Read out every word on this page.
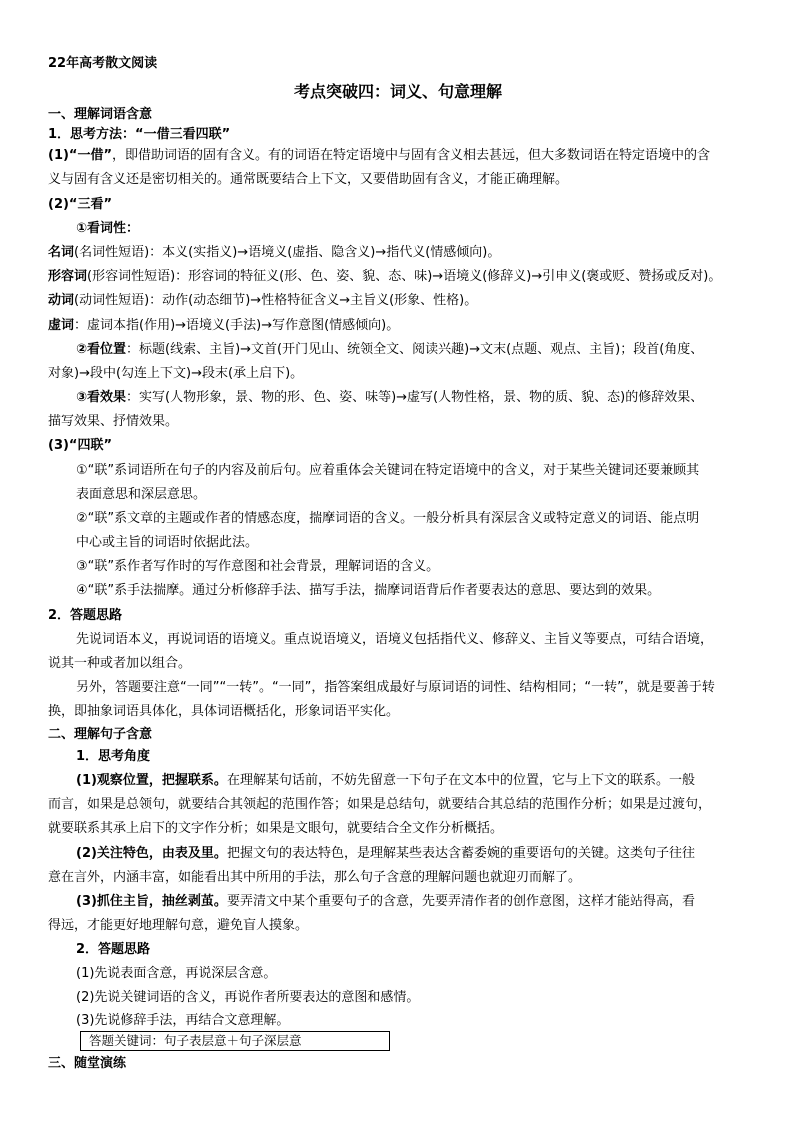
22年高考散文阅读
考点突破四：词义、句意理解
一、理解词语含意
1．思考方法：“一借三看四联”
(1)“一借”，即借助词语的固有含义。有的词语在特定语境中与固有含义相去甚远，但大多数词语在特定语境中的含
义与固有含义还是密切相关的。通常既要结合上下文，又要借助固有含义，才能正确理解。
(2)“三看”
①看词性：
名词(名词性短语)：本义(实指义)→语境义(虚指、隐含义)→指代义(情感倾向)。
形容词(形容词性短语)：形容词的特征义(形、色、姿、貌、态、味)→语境义(修辞义)→引申义(褒或贬、赞扬或反对)。
动词(动词性短语)：动作(动态细节)→性格特征含义→主旨义(形象、性格)。
虚词：虚词本指(作用)→语境义(手法)→写作意图(情感倾向)。
②看位置：标题(线索、主旨)→文首(开门见山、统领全文、阅读兴趣)→文末(点题、观点、主旨)；段首(角度、
对象)→段中(勾连上下文)→段末(承上启下)。
③看效果：实写(人物形象，景、物的形、色、姿、味等)→虚写(人物性格，景、物的质、貌、态)的修辞效果、
描写效果、抒情效果。
(3)“四联”
①“联”系词语所在句子的内容及前后句。应着重体会关键词在特定语境中的含义，对于某些关键词还要兼顾其
表面意思和深层意思。
②“联”系文章的主题或作者的情感态度，揣摩词语的含义。一般分析具有深层含义或特定意义的词语、能点明
中心或主旨的词语时依据此法。
③“联”系作者写作时的写作意图和社会背景，理解词语的含义。
④“联”系手法揣摩。通过分析修辞手法、描写手法，揣摩词语背后作者要表达的意思、要达到的效果。
2．答题思路
先说词语本义，再说词语的语境义。重点说语境义，语境义包括指代义、修辞义、主旨义等要点，可结合语境，
说其一种或者加以组合。
另外，答题要注意“一同”“一转”。“一同”，指答案组成最好与原词语的词性、结构相同；“一转”，就是要善于转
换，即抽象词语具体化，具体词语概括化，形象词语平实化。
二、理解句子含意
1．思考角度
(1)观察位置，把握联系。在理解某句话前，不妨先留意一下句子在文本中的位置，它与上下文的联系。一般
而言，如果是总领句，就要结合其领起的范围作答；如果是总结句，就要结合其总结的范围作分析；如果是过渡句，
就要联系其承上启下的文字作分析；如果是文眼句，就要结合全文作分析概括。
(2)关注特色，由表及里。把握文句的表达特色，是理解某些表达含蓄委婉的重要语句的关键。这类句子往往
意在言外，内涵丰富，如能看出其中所用的手法，那么句子含意的理解问题也就迎刃而解了。
(3)抓住主旨，抽丝剥茧。要弄清文中某个重要句子的含意，先要弄清作者的创作意图，这样才能站得高，看
得远，才能更好地理解句意，避免盲人摸象。
2．答题思路
(1)先说表面含意，再说深层含意。
(2)先说关键词语的含义，再说作者所要表达的意图和感情。
(3)先说修辞手法，再结合文意理解。
答题关键词：句子表层意＋句子深层意
三、随堂演练
